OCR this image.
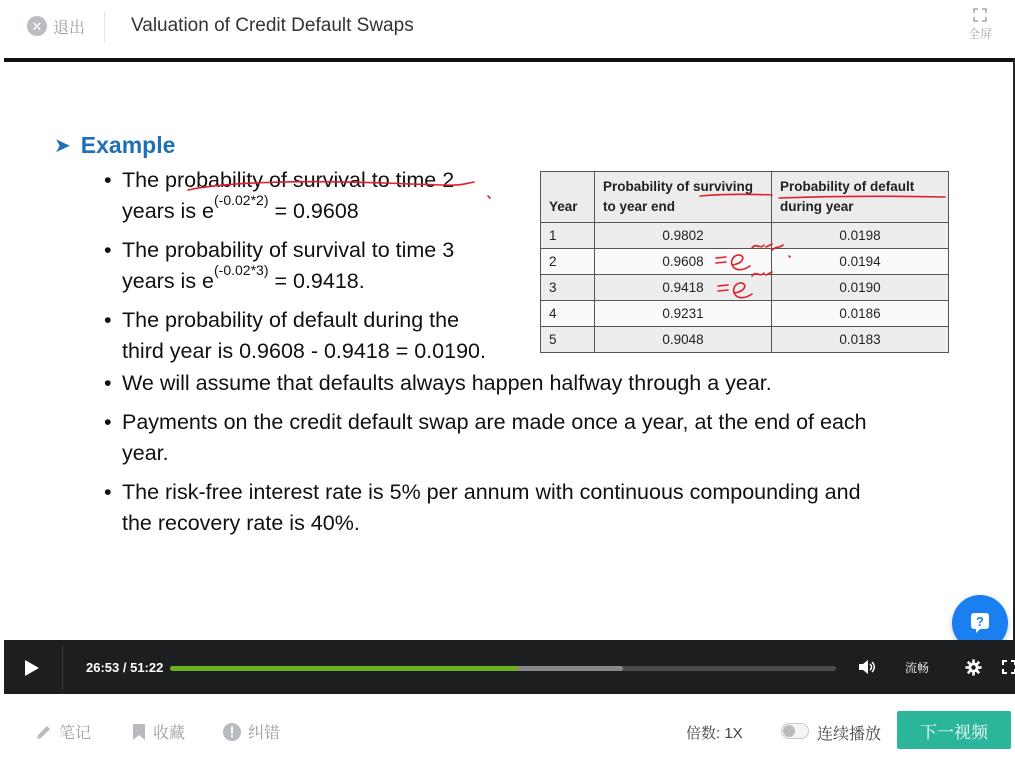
✕ 退出 Valuation of Credit Default Swaps	全屏
➤ Example
• The probability of survival to time 2
years is $e^{(-0.02*2)} = 0.9608$
• The probability of survival to time 3
years is $e^{(-0.02*3)} = 0.9418$.
• The probability of default during the
third year is 0.9608 - 0.9418 = 0.0190.
• We will assume that defaults always happen halfway through a year.
• Payments on the credit default swap are made once a year, at the end of each
year.
• The risk-free interest rate is 5% per annum with continuous compounding and
the recovery rate is 40%.
Year	Probability of surviving to year end	Probability of default during year
1	0.9802	0.0198
2	0.9608	0.0194
3	0.9418	0.0190
4	0.9231	0.0186
5	0.9048	0.0183
?
26:53 / 51:22	流畅
笔记	收藏	纠错	倍数: 1X	连续播放	下一视频
